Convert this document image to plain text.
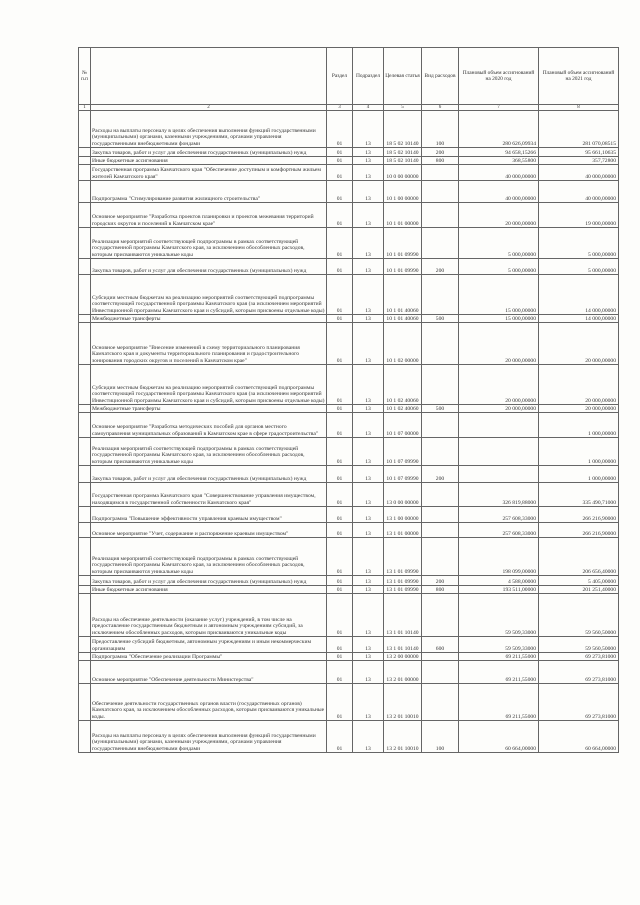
№ п.п		Раздел	Подраздел	Целевая статья	Вид расходов	Плановый объем ассигнований на 2020 год	Плановый объем ассигнований на 2021 год
1	2	3	4	5	6	7	8
	Расходы на выплаты персоналу в целях обеспечения выполнения функций государственными (муниципальными) органами, казенными учреждениями, органами управления государственными внебюджетными фондами	01	13	18 5 02 10140	100	280 626,09934	281 070,08515
	Закупка товаров, работ и услуг для обеспечения государственных (муниципальных) нужд	01	13	18 5 02 10140	200	94 658,15266	95 661,10635
	Иные бюджетные ассигнования	01	13	18 5 02 10140	800	368,55800	357,72800
	Государственная программа Камчатского края "Обеспечение доступным и комфортным жильем жителей Камчатского края"	01	13	10 0 00 00000		40 000,00000	40 000,00000
	Подпрограмма "Стимулирование развития жилищного строительства"	01	13	10 1 00 00000		40 000,00000	40 000,00000
	Основное мероприятие "Разработка проектов планировки и проектов межевания территорий городских округов и поселений в Камчатском крае"	01	13	10 1 01 00000		20 000,00000	19 000,00000
	Реализация мероприятий соответствующей подпрограммы в рамках соответствующей государственной программы Камчатского края, за исключением обособленных расходов, которым присваиваются уникальные коды	01	13	10 1 01 09990		5 000,00000	5 000,00000
	Закупка товаров, работ и услуг для обеспечения государственных (муниципальных) нужд	01	13	10 1 01 09990	200	5 000,00000	5 000,00000
	Субсидии местным бюджетам на реализацию мероприятий соответствующей подпрограммы соответствующей государственной программы Камчатского края (за исключением мероприятий Инвестиционной программы Камчатского края и субсидий, которым присвоены отдельные коды)	01	13	10 1 01 40060		15 000,00000	14 000,00000
	Межбюджетные трансферты	01	13	10 1 01 40060	500	15 000,00000	14 000,00000
	Основное мероприятие "Внесение изменений в схему территориального планирования Камчатского края и документы территориального планирования и градостроительного зонирования городских округов и поселений в Камчатском крае"	01	13	10 1 02 00000		20 000,00000	20 000,00000
	Субсидии местным бюджетам на реализацию мероприятий соответствующей подпрограммы соответствующей государственной программы Камчатского края (за исключением мероприятий Инвестиционной программы Камчатского края и субсидий, которым присвоены отдельные коды)	01	13	10 1 02 40060		20 000,00000	20 000,00000
	Межбюджетные трансферты	01	13	10 1 02 40060	500	20 000,00000	20 000,00000
	Основное мероприятие "Разработка методических пособий для органов местного самоуправления муниципальных образований в Камчатском крае в сфере градостроительства"	01	13	10 1 07 00000			1 000,00000
	Реализация мероприятий соответствующей подпрограммы в рамках соответствующей государственной программы Камчатского края, за исключением обособленных расходов, которым присваиваются уникальные коды	01	13	10 1 07 09990			1 000,00000
	Закупка товаров, работ и услуг для обеспечения государственных (муниципальных) нужд	01	13	10 1 07 09990	200		1 000,00000
	Государственная программа Камчатского края "Совершенствование управления имуществом, находящимся в государственной собственности Камчатского края"	01	13	13 0 00 00000		326 819,88000	335 490,71000
	Подпрограмма "Повышение эффективности управления краевым имуществом"	01	13	13 1 00 00000		257 608,33000	266 216,90000
	Основное мероприятие "Учет, содержание и распоряжение краевым имуществом"	01	13	13 1 01 00000		257 608,33000	266 216,90000
	Реализация мероприятий соответствующей подпрограммы в рамках соответствующей государственной программы Камчатского края, за исключением обособленных расходов, которым присваиваются уникальные коды	01	13	13 1 01 09990		198 099,00000	206 656,40000
	Закупка товаров, работ и услуг для обеспечения государственных (муниципальных) нужд	01	13	13 1 01 09990	200	4 588,00000	5 405,00000
	Иные бюджетные ассигнования	01	13	13 1 01 09990	800	193 511,00000	201 251,40000
	Расходы на обеспечение деятельности (оказание услуг) учреждений, в том числе на предоставление государственным бюджетным и автономным учреждениям субсидий, за исключением обособленных расходов, которым присваиваются уникальные коды	01	13	13 1 01 10140		59 509,33000	59 560,50000
	Предоставление субсидий бюджетным, автономным учреждениям и иным некоммерческим организациям	01	13	13 1 01 10140	600	59 509,33000	59 560,50000
	Подпрограмма "Обеспечение реализации Программы"	01	13	13 2 00 00000		69 211,55000	69 273,81000
	Основное мероприятие "Обеспечение деятельности Министерства"	01	13	13 2 01 00000		69 211,55000	69 273,81000
	Обеспечение деятельности государственных органов власти (государственных органов) Камчатского края, за исключением обособленных расходов, которым присваиваются уникальные коды.	01	13	13 2 01 10010		69 211,55000	69 273,81000
	Расходы на выплаты персоналу в целях обеспечения выполнения функций государственными (муниципальными) органами, казенными учреждениями, органами управления государственными внебюджетными фондами	01	13	13 2 01 10010	100	60 664,00000	60 664,00000
